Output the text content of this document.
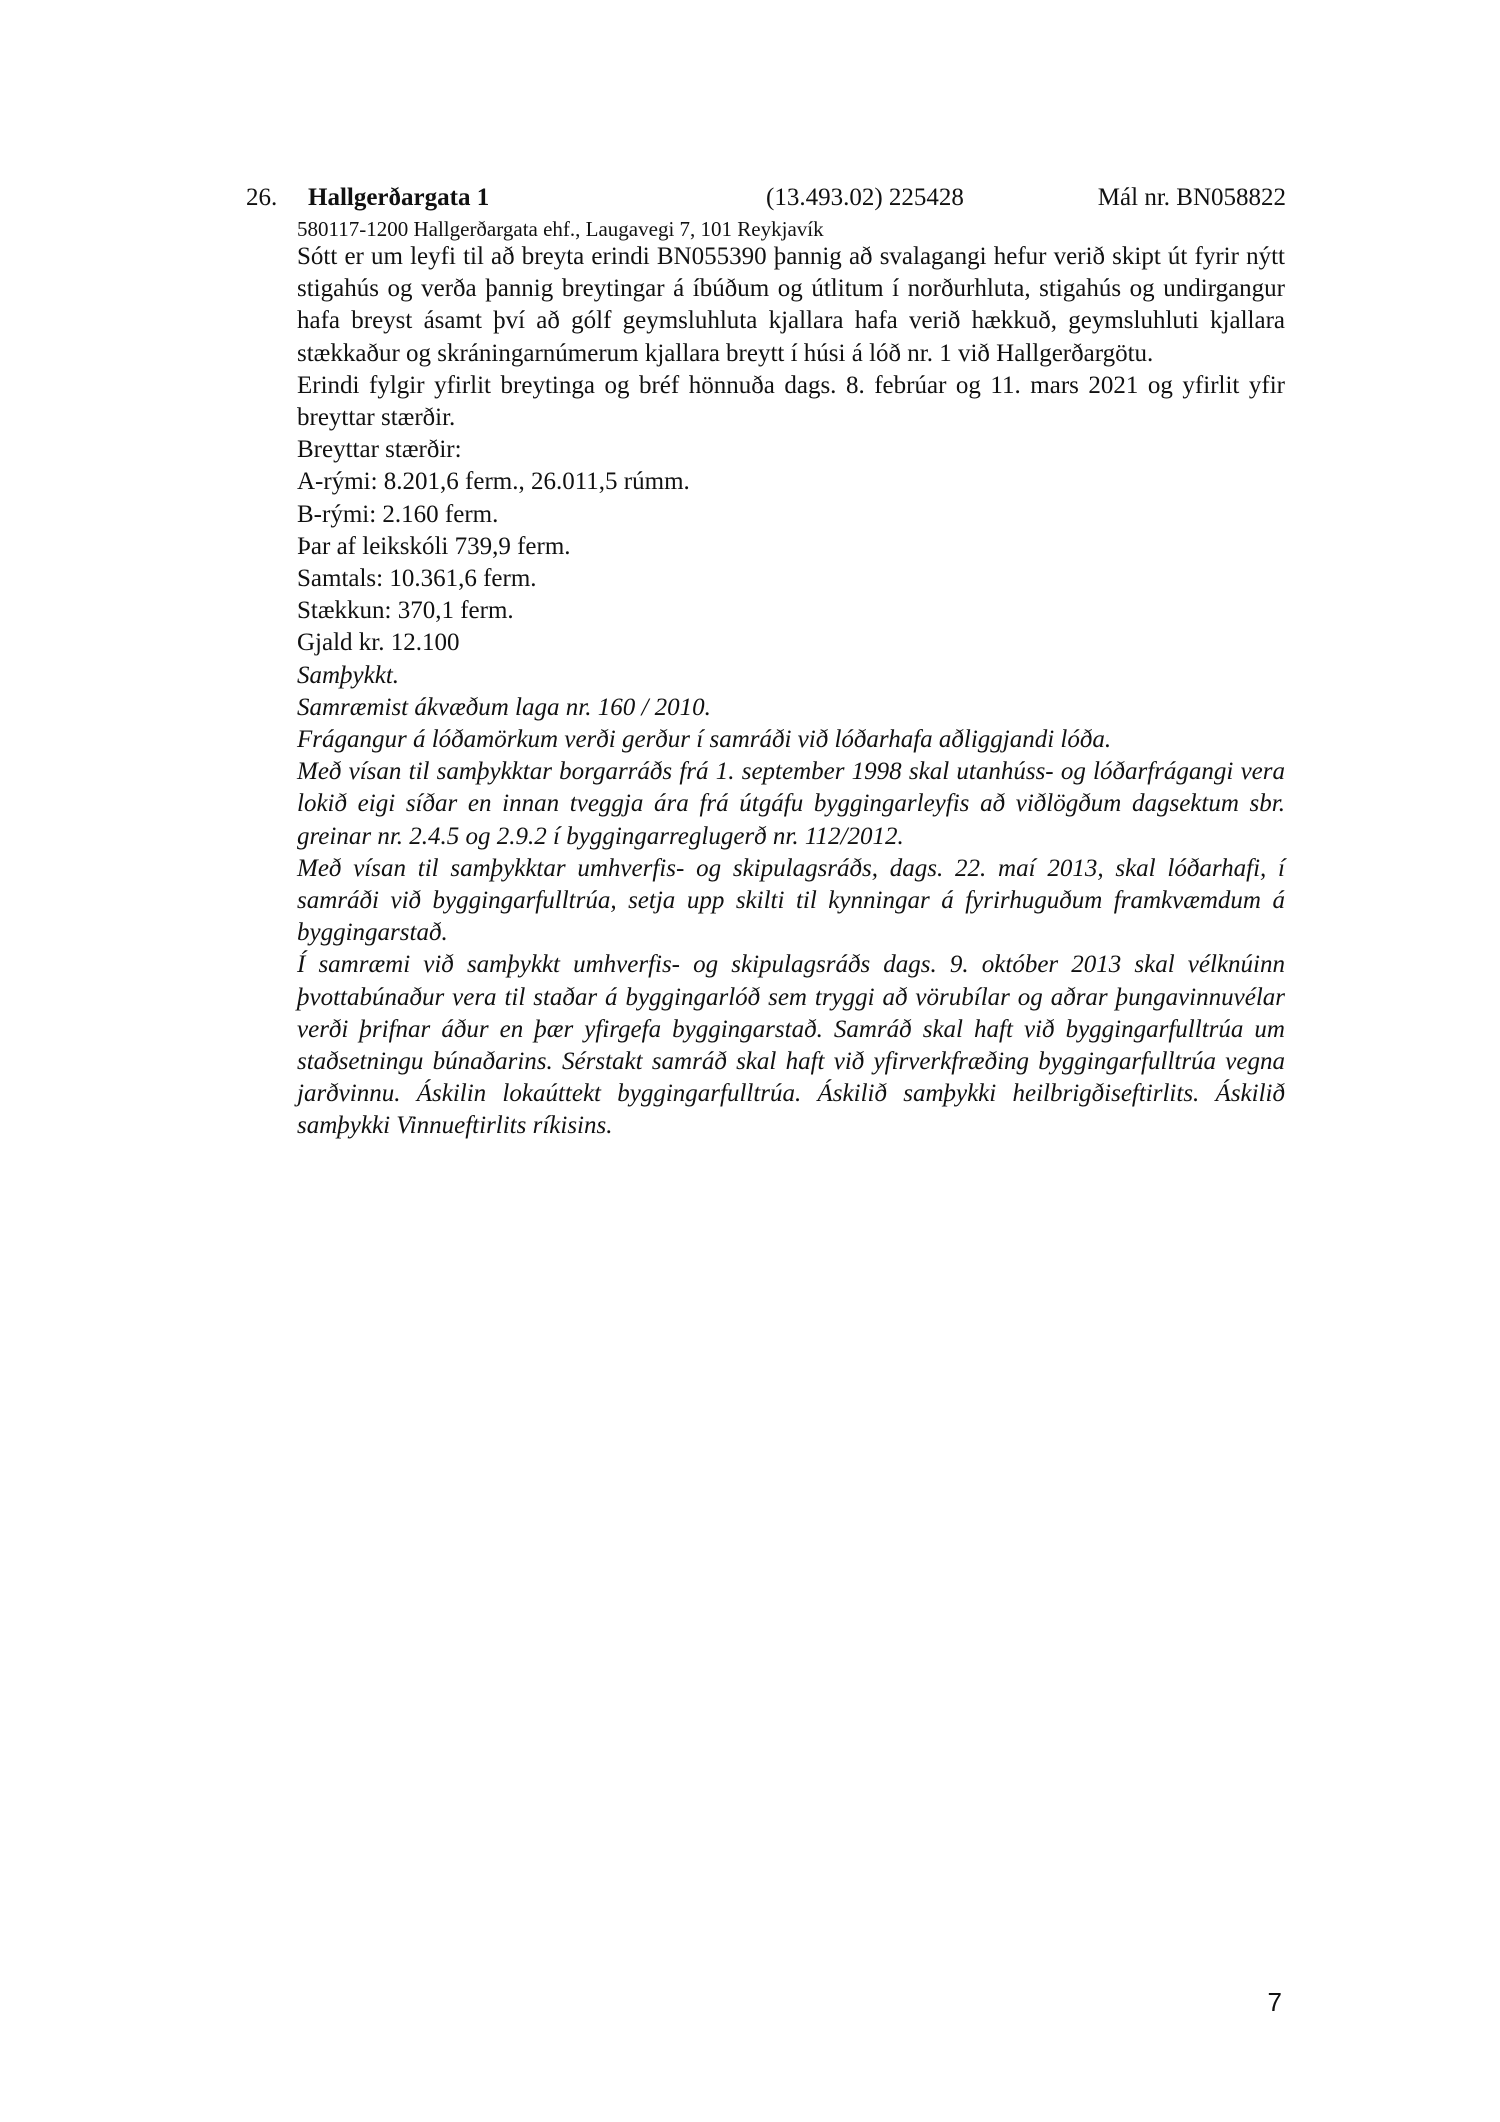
26. Hallgerðargata 1	(13.493.02) 225428	Mál nr. BN058822
580117-1200 Hallgerðargata ehf., Laugavegi 7, 101 Reykjavík

Sótt er um leyfi til að breyta erindi BN055390 þannig að svalagangi hefur verið skipt út fyrir nýtt stigahús og verða þannig breytingar á íbúðum og útlitum í norðurhluta, stigahús og undirgangur hafa breyst ásamt því að gólf geymsluhluta kjallara hafa verið hækkuð, geymsluhluti kjallara stækkaður og skráningarnúmerum kjallara breytt í húsi á lóð nr. 1 við Hallgerðargötu.

Erindi fylgir yfirlit breytinga og bréf hönnuða dags. 8. febrúar og 11. mars 2021 og yfirlit yfir breyttar stærðir.

Breyttar stærðir:

A-rými: 8.201,6 ferm., 26.011,5 rúmm.

B-rými: 2.160 ferm.

Þar af leikskóli 739,9 ferm.

Samtals: 10.361,6 ferm.

Stækkun: 370,1 ferm.

Gjald kr. 12.100

Samþykkt.

Samræmist ákvæðum laga nr. 160 / 2010.

Frágangur á lóðamörkum verði gerður í samráði við lóðarhafa aðliggjandi lóða.

Með vísan til samþykktar borgarráðs frá 1. september 1998 skal utanhúss- og lóðarfrágangi vera lokið eigi síðar en innan tveggja ára frá útgáfu byggingarleyfis að viðlögðum dagsektum sbr. greinar nr. 2.4.5 og 2.9.2 í byggingarreglugerð nr. 112/2012.

Með vísan til samþykktar umhverfis- og skipulagsráðs, dags. 22. maí 2013, skal lóðarhafi, í samráði við byggingarfulltrúa, setja upp skilti til kynningar á fyrirhuguðum framkvæmdum á byggingarstað.

Í samræmi við samþykkt umhverfis- og skipulagsráðs dags. 9. október 2013 skal vélknúinn þvottabúnaður vera til staðar á byggingarlóð sem tryggi að vörubílar og aðrar þungavinnuvélar verði þrifnar áður en þær yfirgefa byggingarstað. Samráð skal haft við byggingarfulltrúa um staðsetningu búnaðarins. Sérstakt samráð skal haft við yfirverkfræðing byggingarfulltrúa vegna jarðvinnu. Áskilin lokaúttekt byggingarfulltrúa. Áskilið samþykki heilbrigðiseftirlits. Áskilið samþykki Vinnueftirlits ríkisins.

7
